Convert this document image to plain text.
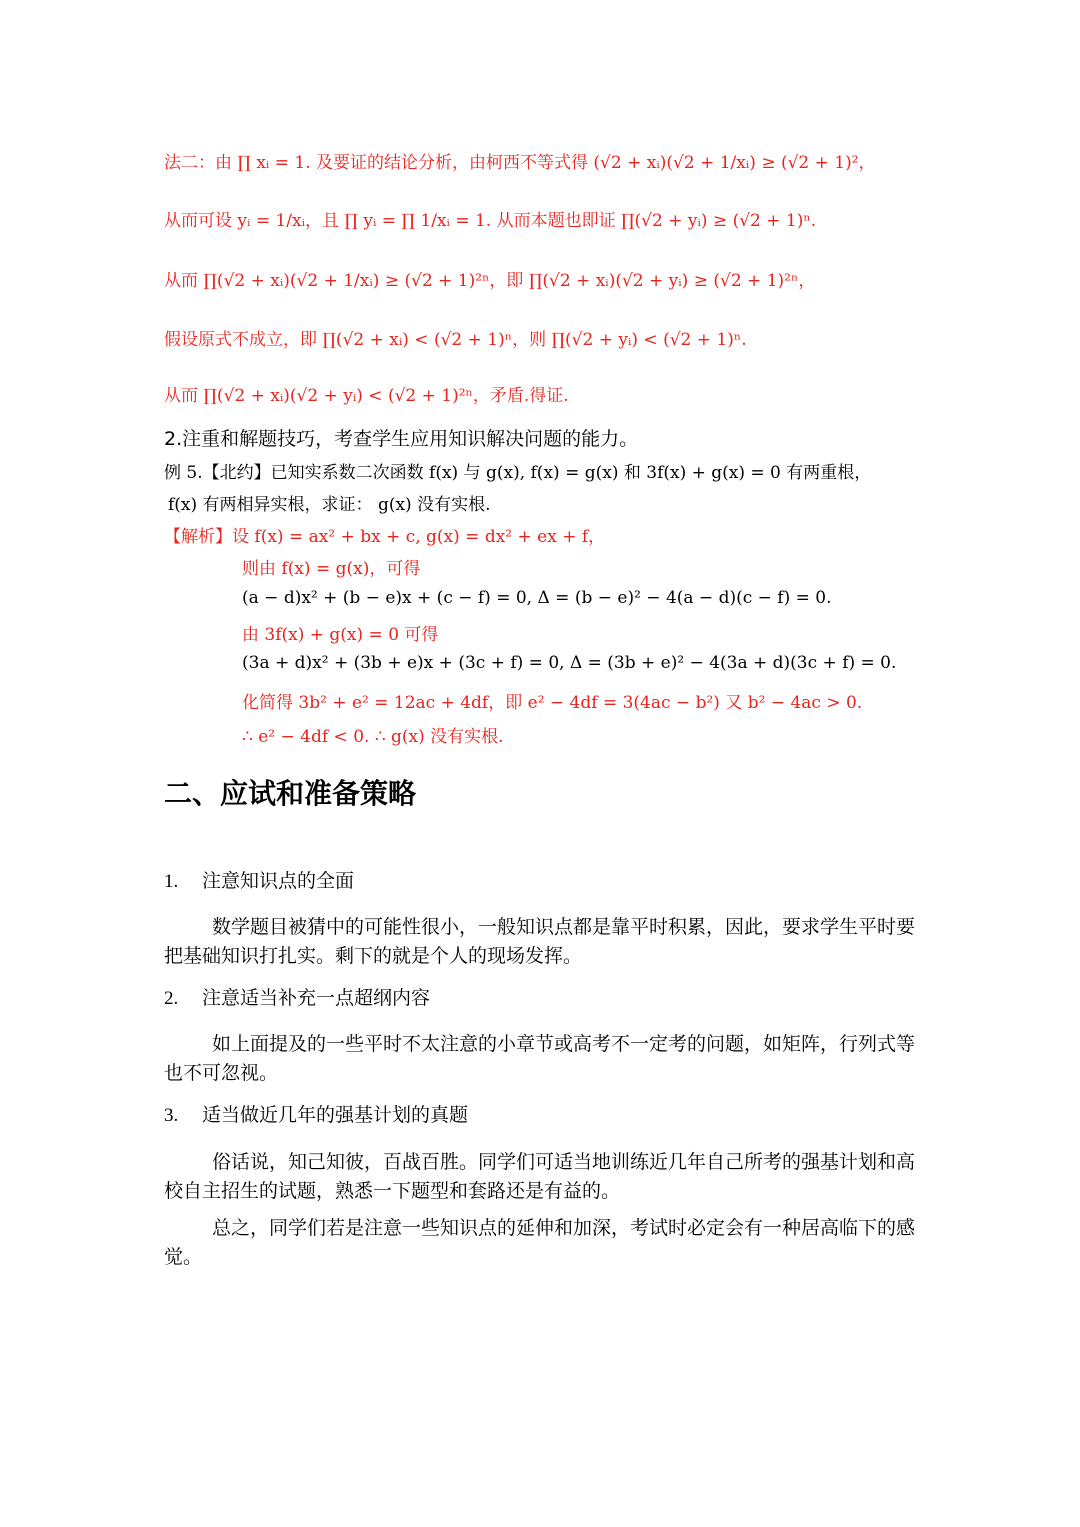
法二：由 ∏ xᵢ = 1. 及要证的结论分析，由柯西不等式得 (√2 + xᵢ)(√2 + 1/xᵢ) ≥ (√2 + 1)²，
从而可设 yᵢ = 1/xᵢ，且 ∏ yᵢ = ∏ 1/xᵢ = 1. 从而本题也即证 ∏(√2 + yᵢ) ≥ (√2 + 1)ⁿ.
从而 ∏(√2 + xᵢ)(√2 + 1/xᵢ) ≥ (√2 + 1)²ⁿ，即 ∏(√2 + xᵢ)(√2 + yᵢ) ≥ (√2 + 1)²ⁿ，
假设原式不成立，即 ∏(√2 + xᵢ) < (√2 + 1)ⁿ，则 ∏(√2 + yᵢ) < (√2 + 1)ⁿ.
从而 ∏(√2 + xᵢ)(√2 + yᵢ) < (√2 + 1)²ⁿ，矛盾.得证.
2.注重和解题技巧，考查学生应用知识解决问题的能力。
例 5.【北约】已知实系数二次函数 f(x) 与 g(x), f(x) = g(x) 和 3f(x) + g(x) = 0 有两重根，
f(x) 有两相异实根，求证： g(x) 没有实根.
【解析】设 f(x) = ax² + bx + c, g(x) = dx² + ex + f，
则由 f(x) = g(x)，可得
(a − d)x² + (b − e)x + (c − f) = 0, Δ = (b − e)² − 4(a − d)(c − f) = 0.
由 3f(x) + g(x) = 0 可得
(3a + d)x² + (3b + e)x + (3c + f) = 0, Δ = (3b + e)² − 4(3a + d)(3c + f) = 0.
化简得 3b² + e² = 12ac + 4df，即 e² − 4df = 3(4ac − b²) 又 b² − 4ac > 0.
∴ e² − 4df < 0. ∴ g(x) 没有实根.
二、应试和准备策略
1. 注意知识点的全面
数学题目被猜中的可能性很小，一般知识点都是靠平时积累，因此，要求学生平时要把基础知识打扎实。剩下的就是个人的现场发挥。
2. 注意适当补充一点超纲内容
如上面提及的一些平时不太注意的小章节或高考不一定考的问题，如矩阵，行列式等也不可忽视。
3. 适当做近几年的强基计划的真题
俗话说，知己知彼，百战百胜。同学们可适当地训练近几年自己所考的强基计划和高校自主招生的试题，熟悉一下题型和套路还是有益的。
总之，同学们若是注意一些知识点的延伸和加深，考试时必定会有一种居高临下的感觉。
